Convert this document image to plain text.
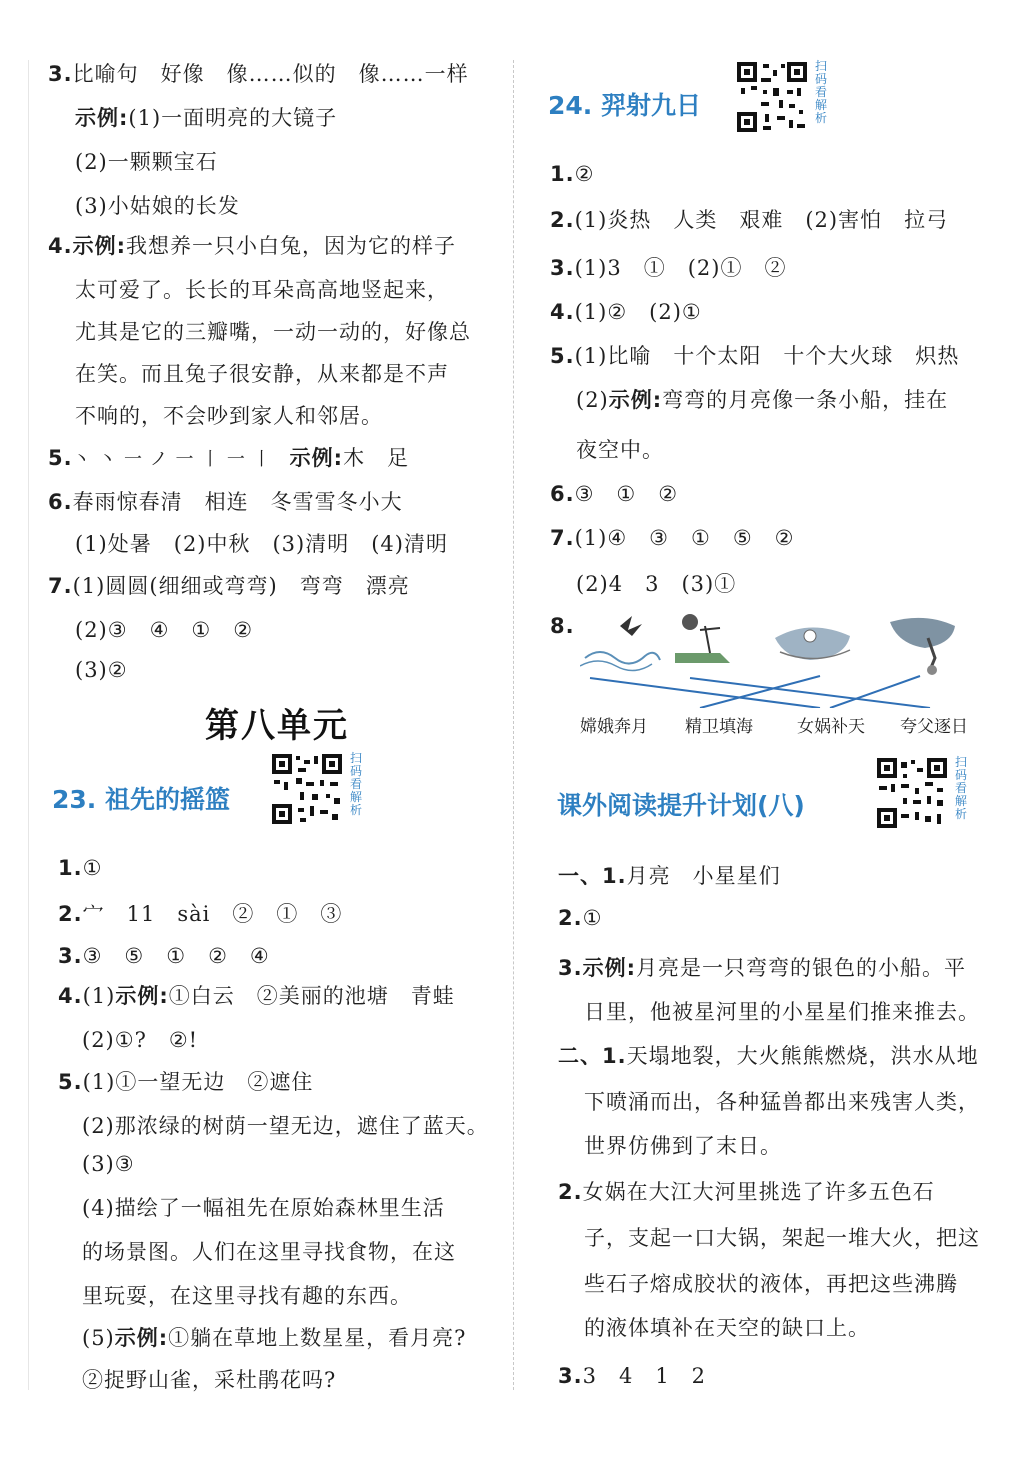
3.比喻句　好像　像……似的　像……一样
示例:(1)一面明亮的大镜子
(2)一颗颗宝石
(3)小姑娘的长发
4.示例:我想养一只小白兔，因为它的样子
太可爱了。长长的耳朵高高地竖起来，
尤其是它的三瓣嘴，一动一动的，好像总
在笑。而且兔子很安静，从来都是不声
不响的，不会吵到家人和邻居。
5.丶 丶 一 ノ 一 丨 一 丨 示例:木　足
6.春雨惊春清　相连　冬雪雪冬小大
(1)处暑　(2)中秋　(3)清明　(4)清明
7.(1)圆圆(细细或弯弯)　弯弯　漂亮
(2)③　④　①　②
(3)②
第八单元
23. 祖先的摇篮
扫码看解析
1.①
2.宀　11　sài　②　①　③
3.③　⑤　①　②　④
4.(1)示例:①白云　②美丽的池塘　青蛙
(2)①?　②!
5.(1)①一望无边　②遮住
(2)那浓绿的树荫一望无边，遮住了蓝天。
(3)③
(4)描绘了一幅祖先在原始森林里生活
的场景图。人们在这里寻找食物，在这
里玩耍，在这里寻找有趣的东西。
(5)示例:①躺在草地上数星星，看月亮?
②捉野山雀，采杜鹃花吗?
24. 羿射九日
扫码看解析
1.②
2.(1)炎热　人类　艰难　(2)害怕　拉弓
3.(1)3　①　(2)①　②
4.(1)②　(2)①
5.(1)比喻　十个太阳　十个大火球　炽热
(2)示例:弯弯的月亮像一条小船，挂在
夜空中。
6.③　①　②
7.(1)④　③　①　⑤　②
(2)4　3　(3)①
8.
嫦娥奔月 精卫填海	女娲补天 夸父逐日
课外阅读提升计划(八)
扫码看解析
一、1.月亮　小星星们
2.①
3.示例:月亮是一只弯弯的银色的小船。平
日里，他被星河里的小星星们推来推去。
二、1.天塌地裂，大火熊熊燃烧，洪水从地
下喷涌而出，各种猛兽都出来残害人类，
世界仿佛到了末日。
2.女娲在大江大河里挑选了许多五色石
子，支起一口大锅，架起一堆大火，把这
些石子熔成胶状的液体，再把这些沸腾
的液体填补在天空的缺口上。
3.3　4　1　2
